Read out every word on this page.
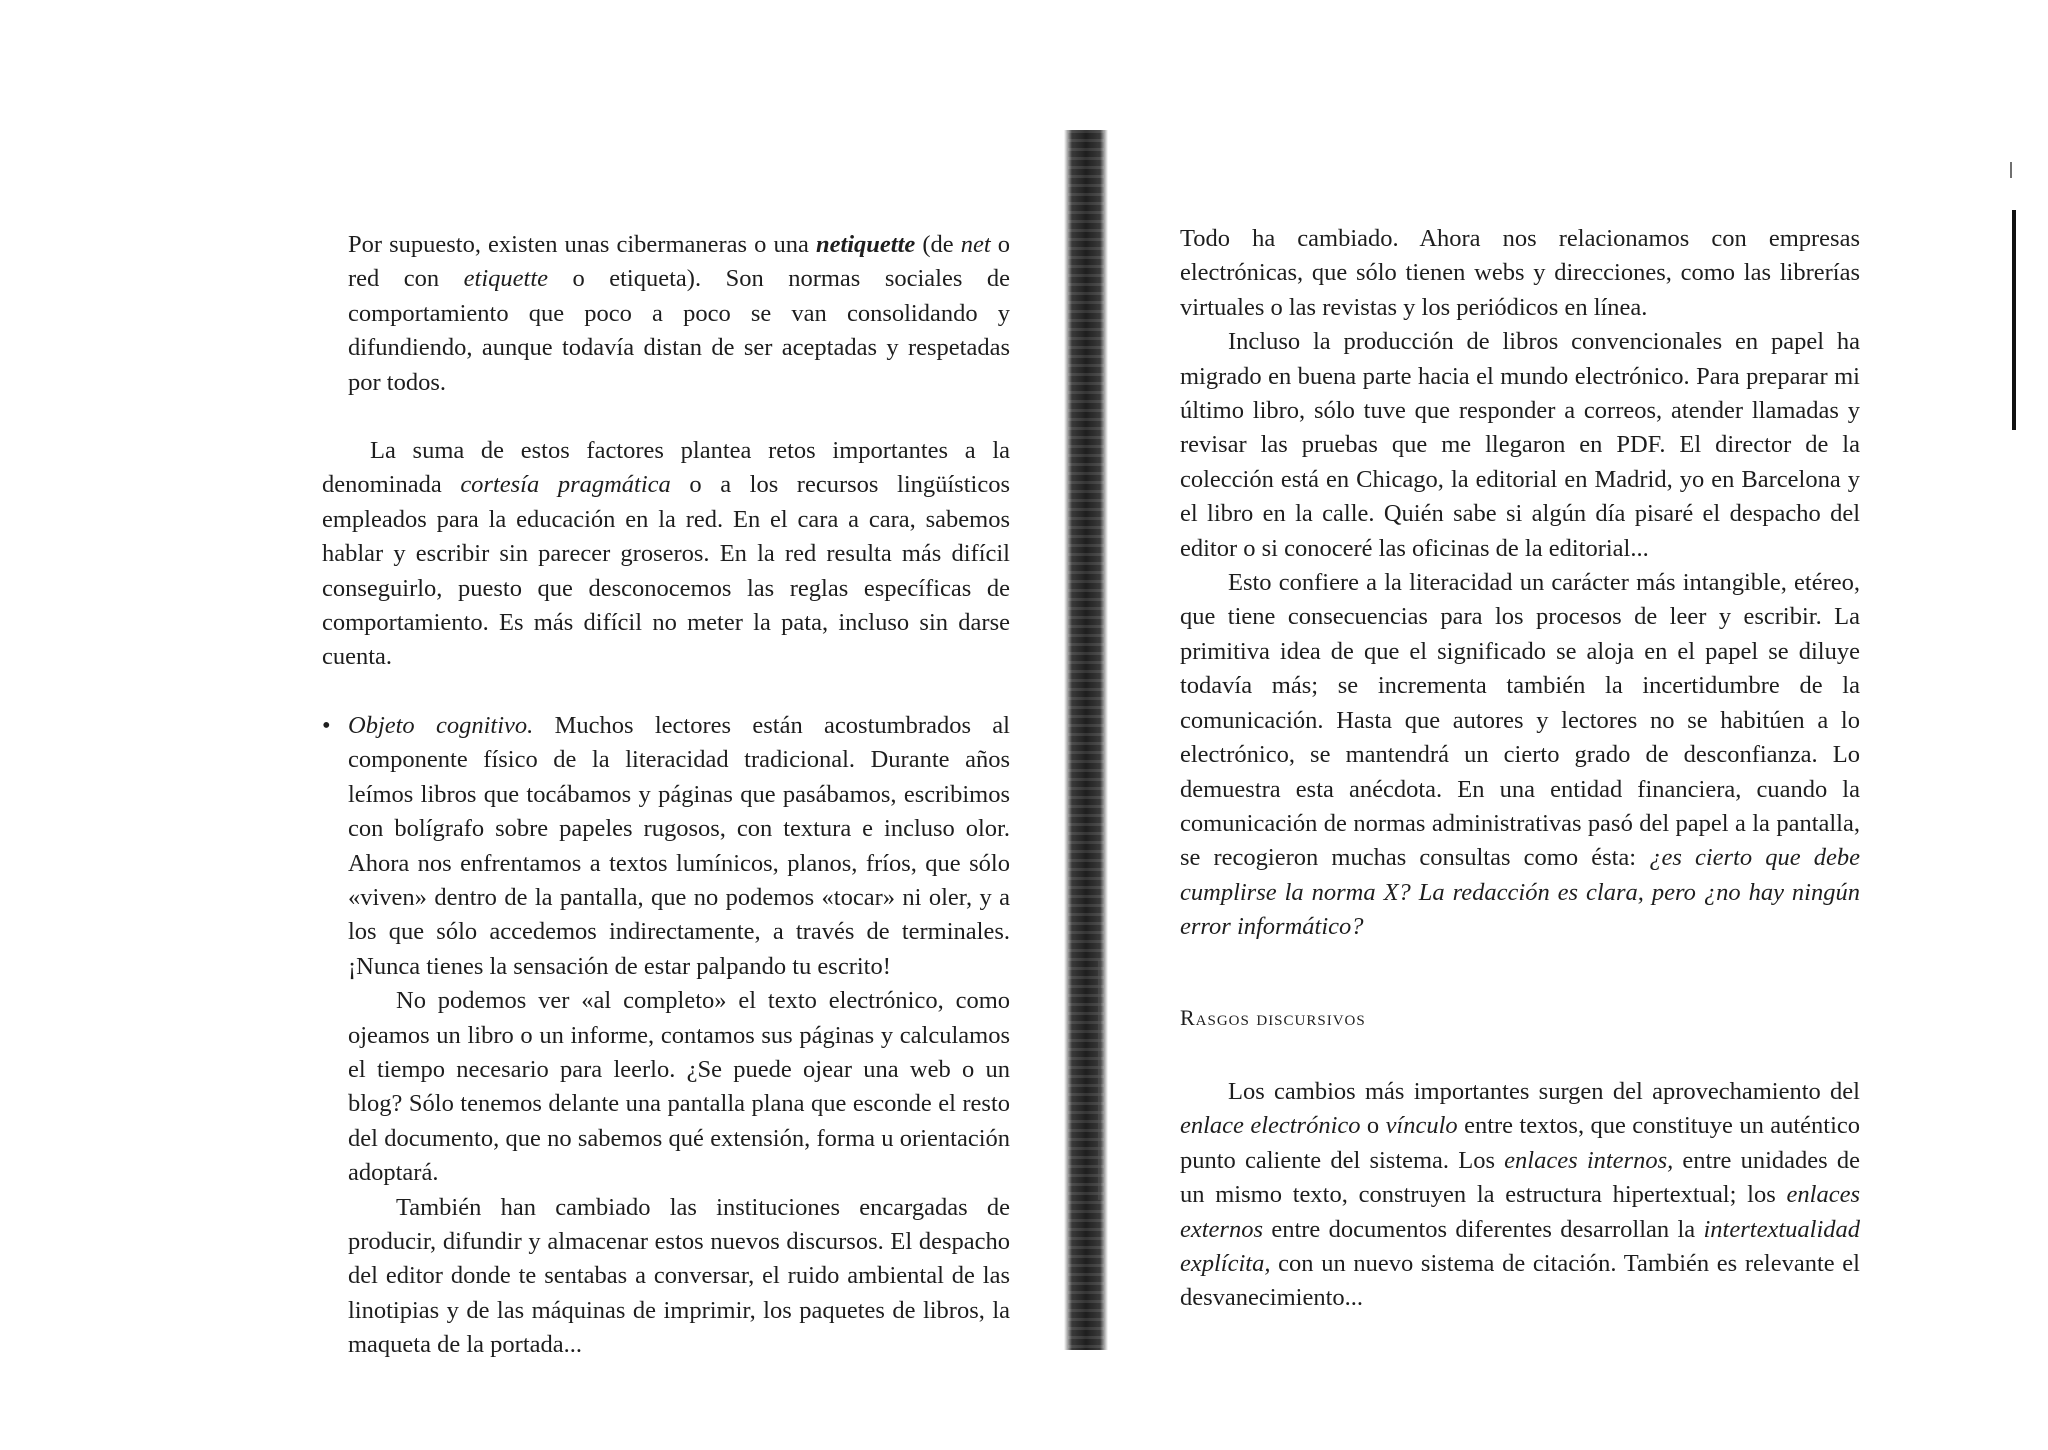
Por supuesto, existen unas cibermaneras o una netiquette (de net o red con etiquette o etiqueta). Son normas sociales de comportamiento que poco a poco se van consolidando y difundiendo, aunque todavía distan de ser aceptadas y respetadas por todos.

La suma de estos factores plantea retos importantes a la denominada cortesía pragmática o a los recursos lingüísticos empleados para la educación en la red. En el cara a cara, sabemos hablar y escribir sin parecer groseros. En la red resulta más difícil conseguirlo, puesto que desconocemos las reglas específicas de comportamiento. Es más difícil no meter la pata, incluso sin darse cuenta.

• Objeto cognitivo. Muchos lectores están acostumbrados al componente físico de la literacidad tradicional. Durante años leímos libros que tocábamos y páginas que pasábamos, escribimos con bolígrafo sobre papeles rugosos, con textura e incluso olor. Ahora nos enfrentamos a textos lumínicos, planos, fríos, que sólo «viven» dentro de la pantalla, que no podemos «tocar» ni oler, y a los que sólo accedemos indirectamente, a través de terminales. ¡Nunca tienes la sensación de estar palpando tu escrito!

No podemos ver «al completo» el texto electrónico, como ojeamos un libro o un informe, contamos sus páginas y calculamos el tiempo necesario para leerlo. ¿Se puede ojear una web o un blog? Sólo tenemos delante una pantalla plana que esconde el resto del documento, que no sabemos qué extensión, forma u orientación adoptará.

También han cambiado las instituciones encargadas de producir, difundir y almacenar estos nuevos discursos. El despacho del editor donde te sentabas a conversar, el ruido ambiental de las linotipias y de las máquinas de imprimir, los paquetes de libros, la maqueta de la portada...

Todo ha cambiado. Ahora nos relacionamos con empresas electrónicas, que sólo tienen webs y direcciones, como las librerías virtuales o las revistas y los periódicos en línea.

Incluso la producción de libros convencionales en papel ha migrado en buena parte hacia el mundo electrónico. Para preparar mi último libro, sólo tuve que responder a correos, atender llamadas y revisar las pruebas que me llegaron en PDF. El director de la colección está en Chicago, la editorial en Madrid, yo en Barcelona y el libro en la calle. Quién sabe si algún día pisaré el despacho del editor o si conoceré las oficinas de la editorial...

Esto confiere a la literacidad un carácter más intangible, etéreo, que tiene consecuencias para los procesos de leer y escribir. La primitiva idea de que el significado se aloja en el papel se diluye todavía más; se incrementa también la incertidumbre de la comunicación. Hasta que autores y lectores no se habitúen a lo electrónico, se mantendrá un cierto grado de desconfianza. Lo demuestra esta anécdota. En una entidad financiera, cuando la comunicación de normas administrativas pasó del papel a la pantalla, se recogieron muchas consultas como ésta: ¿es cierto que debe cumplirse la norma X? La redacción es clara, pero ¿no hay ningún error informático?

Rasgos discursivos

Los cambios más importantes surgen del aprovechamiento del enlace electrónico o vínculo entre textos, que constituye un auténtico punto caliente del sistema. Los enlaces internos, entre unidades de un mismo texto, construyen la estructura hipertextual; los enlaces externos entre documentos diferentes desarrollan la intertextualidad explícita, con un nuevo sistema de citación. También es relevante el desvanecimiento...
